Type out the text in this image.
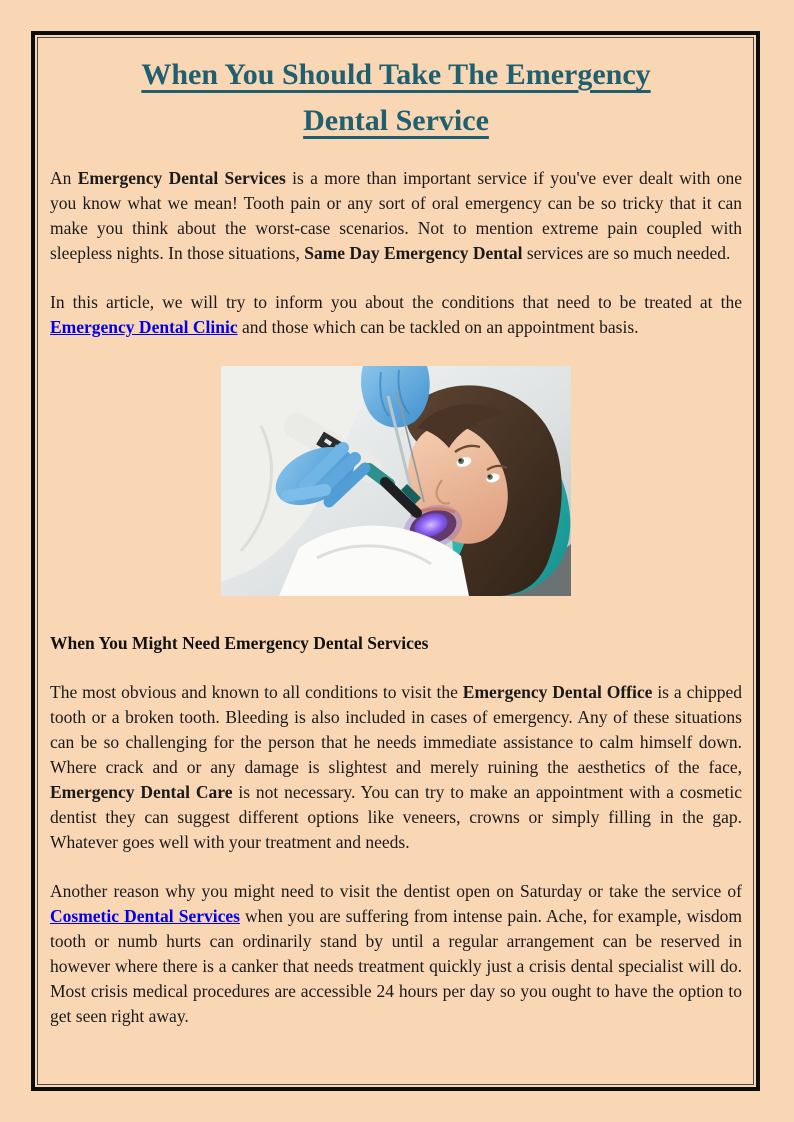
When You Should Take The Emergency
Dental Service

An Emergency Dental Services is a more than important service if you've ever dealt with one you know what we mean! Tooth pain or any sort of oral emergency can be so tricky that it can make you think about the worst-case scenarios. Not to mention extreme pain coupled with sleepless nights. In those situations, Same Day Emergency Dental services are so much needed.

In this article, we will try to inform you about the conditions that need to be treated at the Emergency Dental Clinic and those which can be tackled on an appointment basis.

When You Might Need Emergency Dental Services

The most obvious and known to all conditions to visit the Emergency Dental Office is a chipped tooth or a broken tooth. Bleeding is also included in cases of emergency. Any of these situations can be so challenging for the person that he needs immediate assistance to calm himself down. Where crack and or any damage is slightest and merely ruining the aesthetics of the face, Emergency Dental Care is not necessary. You can try to make an appointment with a cosmetic dentist they can suggest different options like veneers, crowns or simply filling in the gap. Whatever goes well with your treatment and needs.

Another reason why you might need to visit the dentist open on Saturday or take the service of Cosmetic Dental Services when you are suffering from intense pain. Ache, for example, wisdom tooth or numb hurts can ordinarily stand by until a regular arrangement can be reserved in however where there is a canker that needs treatment quickly just a crisis dental specialist will do. Most crisis medical procedures are accessible 24 hours per day so you ought to have the option to get seen right away.
